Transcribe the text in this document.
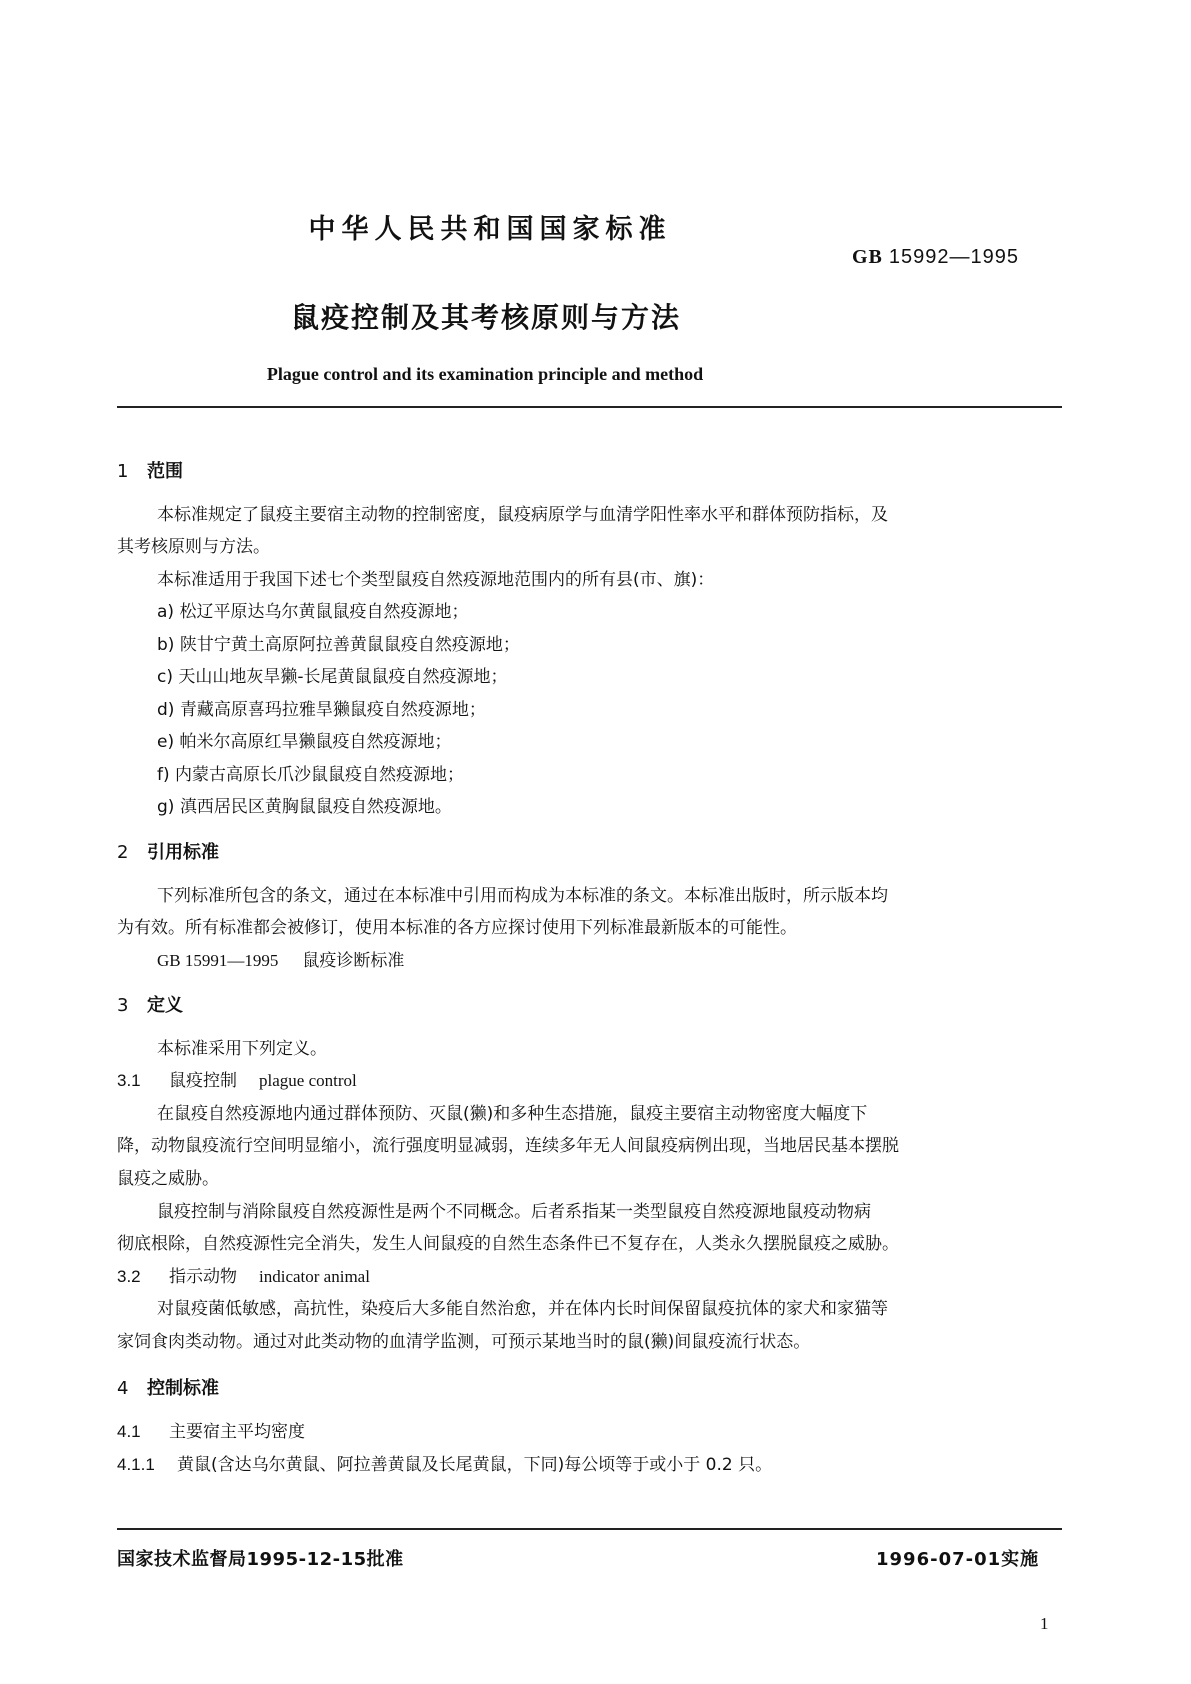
中华人民共和国国家标准
GB 15992—1995
鼠疫控制及其考核原则与方法
Plague control and its examination principle and method
1 范围
本标准规定了鼠疫主要宿主动物的控制密度，鼠疫病原学与血清学阳性率水平和群体预防指标，及
其考核原则与方法。
本标准适用于我国下述七个类型鼠疫自然疫源地范围内的所有县(市、旗)：
a) 松辽平原达乌尔黄鼠鼠疫自然疫源地；
b) 陕甘宁黄土高原阿拉善黄鼠鼠疫自然疫源地；
c) 天山山地灰旱獭-长尾黄鼠鼠疫自然疫源地；
d) 青藏高原喜玛拉雅旱獭鼠疫自然疫源地；
e) 帕米尔高原红旱獭鼠疫自然疫源地；
f) 内蒙古高原长爪沙鼠鼠疫自然疫源地；
g) 滇西居民区黄胸鼠鼠疫自然疫源地。
2 引用标准
下列标准所包含的条文，通过在本标准中引用而构成为本标准的条文。本标准出版时，所示版本均
为有效。所有标准都会被修订，使用本标准的各方应探讨使用下列标准最新版本的可能性。
GB 15991—1995 鼠疫诊断标准
3 定义
本标准采用下列定义。
3.1 鼠疫控制 plague control
在鼠疫自然疫源地内通过群体预防、灭鼠(獭)和多种生态措施，鼠疫主要宿主动物密度大幅度下
降，动物鼠疫流行空间明显缩小，流行强度明显减弱，连续多年无人间鼠疫病例出现，当地居民基本摆脱
鼠疫之威胁。
鼠疫控制与消除鼠疫自然疫源性是两个不同概念。后者系指某一类型鼠疫自然疫源地鼠疫动物病
彻底根除，自然疫源性完全消失，发生人间鼠疫的自然生态条件已不复存在，人类永久摆脱鼠疫之威胁。
3.2 指示动物 indicator animal
对鼠疫菌低敏感，高抗性，染疫后大多能自然治愈，并在体内长时间保留鼠疫抗体的家犬和家猫等
家饲食肉类动物。通过对此类动物的血清学监测，可预示某地当时的鼠(獭)间鼠疫流行状态。
4 控制标准
4.1 主要宿主平均密度
4.1.1 黄鼠(含达乌尔黄鼠、阿拉善黄鼠及长尾黄鼠，下同)每公顷等于或小于 0.2 只。
国家技术监督局1995-12-15批准	1996-07-01实施
1
